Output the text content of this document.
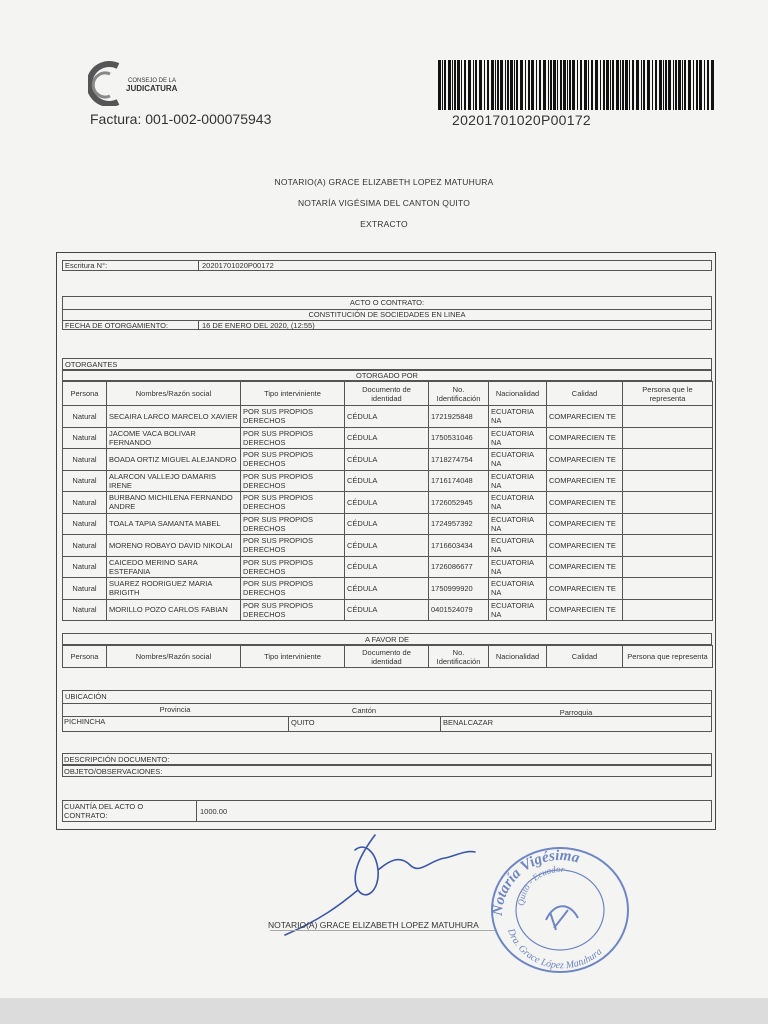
CONSEJO DE LA
JUDICATURA
Factura: 001-002-000075943	20201701020P00172
NOTARIO(A) GRACE ELIZABETH LOPEZ MATUHURA
NOTARÍA VIGÉSIMA DEL CANTON QUITO
EXTRACTO
Escritura N°:	20201701020P00172
ACTO O CONTRATO:
CONSTITUCIÓN DE SOCIEDADES EN LINEA
FECHA DE OTORGAMIENTO:	16 DE ENERO DEL 2020, (12:55)
OTORGANTES
OTORGADO POR
Persona	Nombres/Razón social	Tipo interviniente	Documento de identidad	No. Identificación	Nacionalidad	Calidad	Persona que le representa
Natural	SECAIRA LARCO MARCELO XAVIER	POR SUS PROPIOS DERECHOS	CÉDULA	1721925848	ECUATORIA NA	COMPARECIEN TE	
Natural	JACOME VACA BOLIVAR FERNANDO	POR SUS PROPIOS DERECHOS	CÉDULA	1750531046	ECUATORIA NA	COMPARECIEN TE	
Natural	BOADA ORTIZ MIGUEL ALEJANDRO	POR SUS PROPIOS DERECHOS	CÉDULA	1718274754	ECUATORIA NA	COMPARECIEN TE	
Natural	ALARCON VALLEJO DAMARIS IRENE	POR SUS PROPIOS DERECHOS	CÉDULA	1716174048	ECUATORIA NA	COMPARECIEN TE	
Natural	BURBANO MICHILENA FERNANDO ANDRE	POR SUS PROPIOS DERECHOS	CÉDULA	1726052945	ECUATORIA NA	COMPARECIEN TE	
Natural	TOALA TAPIA SAMANTA MABEL	POR SUS PROPIOS DERECHOS	CÉDULA	1724957392	ECUATORIA NA	COMPARECIEN TE	
Natural	MORENO ROBAYO DAVID NIKOLAI	POR SUS PROPIOS DERECHOS	CÉDULA	1716603434	ECUATORIA NA	COMPARECIEN TE	
Natural	CAICEDO MERINO SARA ESTEFANIA	POR SUS PROPIOS DERECHOS	CÉDULA	1726086677	ECUATORIA NA	COMPARECIEN TE	
Natural	SUAREZ RODRIGUEZ MARIA BRIGITH	POR SUS PROPIOS DERECHOS	CÉDULA	1750999920	ECUATORIA NA	COMPARECIEN TE	
Natural	MORILLO POZO CARLOS FABIAN	POR SUS PROPIOS DERECHOS	CÉDULA	0401524079	ECUATORIA NA	COMPARECIEN TE	
A FAVOR DE
Persona	Nombres/Razón social	Tipo interviniente	Documento de identidad	No. Identificación	Nacionalidad	Calidad	Persona que representa
UBICACIÓN
Provincia	Cantón	Parroquia
PICHINCHA	QUITO	BENALCAZAR
DESCRIPCIÓN DOCUMENTO:
OBJETO/OBSERVACIONES:
CUANTÍA DEL ACTO O CONTRATO:	1000.00
NOTARIO(A) GRACE ELIZABETH LOPEZ MATUHURA
Notaría Vigésima
Quito - Ecuador
Dra. Grace López Matuhura
